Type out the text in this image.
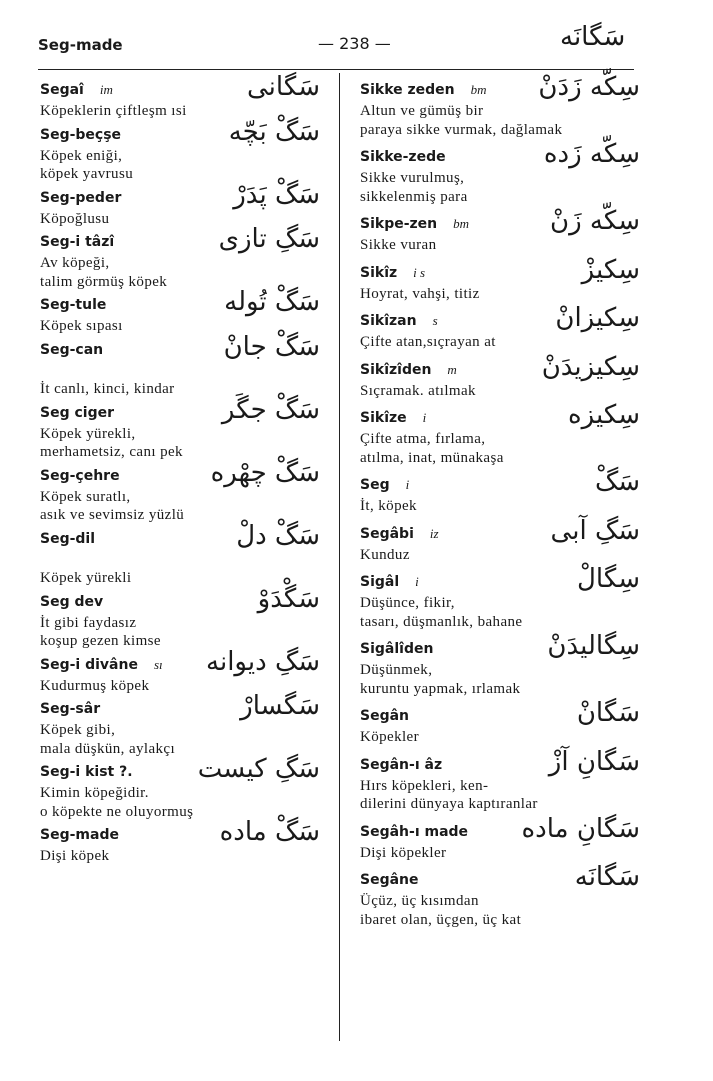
Seg-made	— 238 —	سَگانَه
Segaî im	سَگانی
Köpeklerin çiftleşm ısi
Seg-beçşe	سَگْ بَچّه
Köpek eniği,
köpek yavrusu
Seg-peder	سَگْ پَدَرْ
Köpoğlusu
Seg-i tâzî	سَگِ تازی
Av köpeği,
talim görmüş köpek
Seg-tule	سَگْ تُوله
Köpek sıpası
Seg-can	سَگْ جانْ

İt canlı, kinci, kindar
Seg ciger	سَگْ جگَر
Köpek yürekli,
merhametsiz, canı pek
Seg-çehre	سَگْ چهْره
Köpek suratlı,
asık ve sevimsiz yüzlü
Seg-dil	سَگْ دلْ

Köpek yürekli
Seg dev	سَگْدَوْ
İt gibi faydasız
koşup gezen kimse
Seg-i divâne sı سَگِ دیوانه
Kudurmuş köpek
Seg-sâr	سَگسارْ
Köpek gibi,
mala düşkün, aylakçı
Seg-i kist ?.	سَگِ کیست
Kimin köpeğidir.
o köpekte ne oluyormuş
Seg-made	سَگْ ماده
Dişi köpek
Sikke zeden bm سِکّه زَدَنْ
Altun ve gümüş bir
paraya sikke vurmak, dağlamak
Sikke-zede	سِکّه زَده
Sikke vurulmuş,
sikkelenmiş para
Sikpe-zen bm	سِکّه زَنْ
Sikke vuran
Sikîz i s	سِکیزْ
Hoyrat, vahşi, titiz
Sikîzan s	سِکیزانْ
Çifte atan,sıçrayan at
Sikîzîden m	سِکیزیدَنْ
Sıçramak. atılmak
Sikîze i	سِکیزه
Çifte atma, fırlama,
atılma, inat, münakaşa
Seg i	سَگْ
İt, köpek
Segâbi iz	سَگِ آبی
Kunduz
Sigâl i	سِگالْ
Düşünce, fikir,
tasarı, düşmanlık, bahane
Sigâlîden	سِگالیدَنْ
Düşünmek,
kuruntu yapmak, ırlamak
Segân	سَگانْ
Köpekler
Segân-ı âz	سَگانِ آزْ
Hırs köpekleri, ken-
dilerini dünyaya kaptıranlar
Segâh-ı made سَگانِ ماده
Dişi köpekler
Segâne	سَگانَه
Üçüz, üç kısımdan
ibaret olan, üçgen, üç kat
